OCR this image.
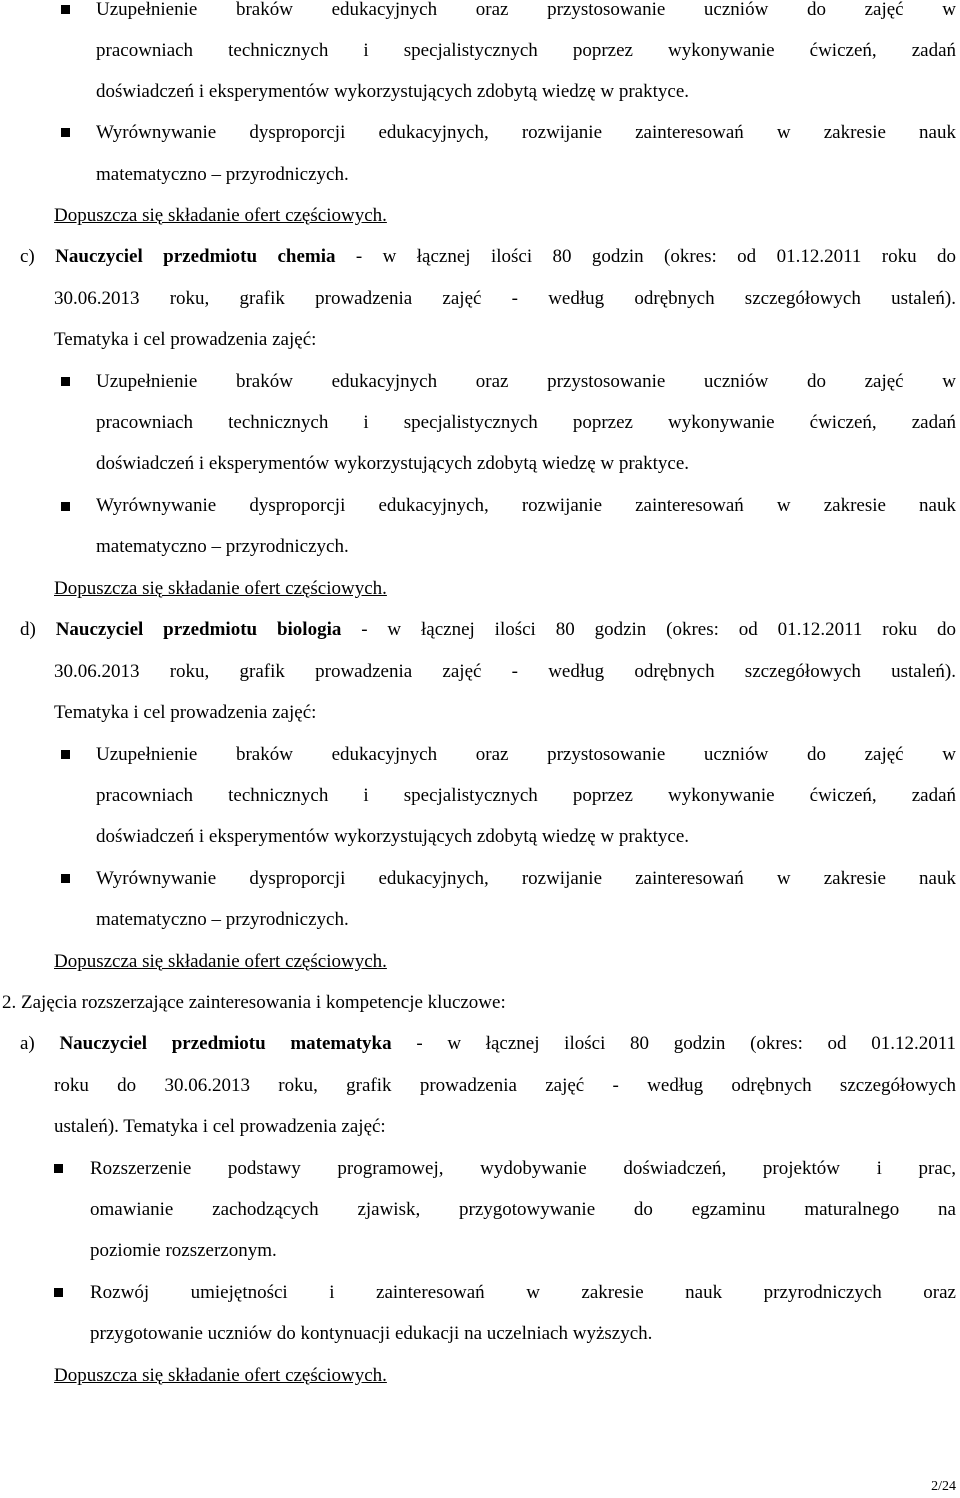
Uzupełnienie braków edukacyjnych oraz przystosowanie uczniów do zajęć w
pracowniach technicznych i specjalistycznych poprzez wykonywanie ćwiczeń, zadań
doświadczeń i eksperymentów wykorzystujących zdobytą wiedzę w praktyce.
Wyrównywanie dysproporcji edukacyjnych, rozwijanie zainteresowań w zakresie nauk
matematyczno – przyrodniczych.
Dopuszcza się składanie ofert częściowych.
c) Nauczyciel przedmiotu chemia - w łącznej ilości 80 godzin (okres: od 01.12.2011 roku do
30.06.2013 roku, grafik prowadzenia zajęć - według odrębnych szczegółowych ustaleń).
Tematyka i cel prowadzenia zajęć:
Uzupełnienie braków edukacyjnych oraz przystosowanie uczniów do zajęć w
pracowniach technicznych i specjalistycznych poprzez wykonywanie ćwiczeń, zadań
doświadczeń i eksperymentów wykorzystujących zdobytą wiedzę w praktyce.
Wyrównywanie dysproporcji edukacyjnych, rozwijanie zainteresowań w zakresie nauk
matematyczno – przyrodniczych.
Dopuszcza się składanie ofert częściowych.
d) Nauczyciel przedmiotu biologia - w łącznej ilości 80 godzin (okres: od 01.12.2011 roku do
30.06.2013 roku, grafik prowadzenia zajęć - według odrębnych szczegółowych ustaleń).
Tematyka i cel prowadzenia zajęć:
Uzupełnienie braków edukacyjnych oraz przystosowanie uczniów do zajęć w
pracowniach technicznych i specjalistycznych poprzez wykonywanie ćwiczeń, zadań
doświadczeń i eksperymentów wykorzystujących zdobytą wiedzę w praktyce.
Wyrównywanie dysproporcji edukacyjnych, rozwijanie zainteresowań w zakresie nauk
matematyczno – przyrodniczych.
Dopuszcza się składanie ofert częściowych.
2. Zajęcia rozszerzające zainteresowania i kompetencje kluczowe:
a) Nauczyciel przedmiotu matematyka - w łącznej ilości 80 godzin (okres: od 01.12.2011
roku do 30.06.2013 roku, grafik prowadzenia zajęć - według odrębnych szczegółowych
ustaleń). Tematyka i cel prowadzenia zajęć:
Rozszerzenie podstawy programowej, wydobywanie doświadczeń, projektów i prac,
omawianie zachodzących zjawisk, przygotowywanie do egzaminu maturalnego na
poziomie rozszerzonym.
Rozwój umiejętności i zainteresowań w zakresie nauk przyrodniczych oraz
przygotowanie uczniów do kontynuacji edukacji na uczelniach wyższych.
Dopuszcza się składanie ofert częściowych.
2/24
